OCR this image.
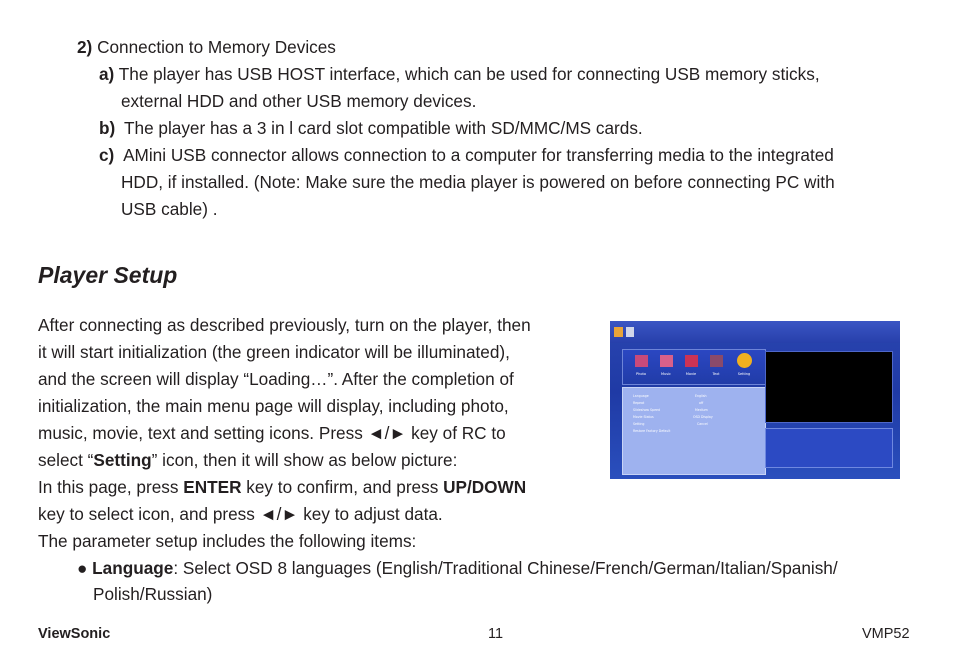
2) Connection to Memory Devices
a) The player has USB HOST interface, which can be used for connecting USB memory sticks,
external HDD and other USB memory devices.
b) The player has a 3 in l card slot compatible with SD/MMC/MS cards.
c) AMini USB connector allows connection to a computer for transferring media to the integrated
HDD, if installed. (Note: Make sure the media player is powered on before connecting PC with
USB cable) .
Player Setup
After connecting as described previously, turn on the player, then
it will start initialization (the green indicator will be illuminated),
and the screen will display “Loading…”. After the completion of
initialization, the main menu page will display, including photo,
music, movie, text and setting icons. Press ◄/► key of RC to
select “Setting” icon, then it will show as below picture:
In this page, press ENTER key to confirm, and press UP/DOWN
key to select icon, and press ◄/► key to adjust data.
The parameter setup includes the following items:
● Language: Select OSD 8 languages (English/Traditional Chinese/French/German/Italian/Spanish/
Polish/Russian)
Photo	Music	Movie	Text	Setting
Language	English
Repeat	off
Slideshow Speed	Medium
Movie Status	OSD Display
Setting	Cancel
Restore Factory Default
ViewSonic	11	VMP52
